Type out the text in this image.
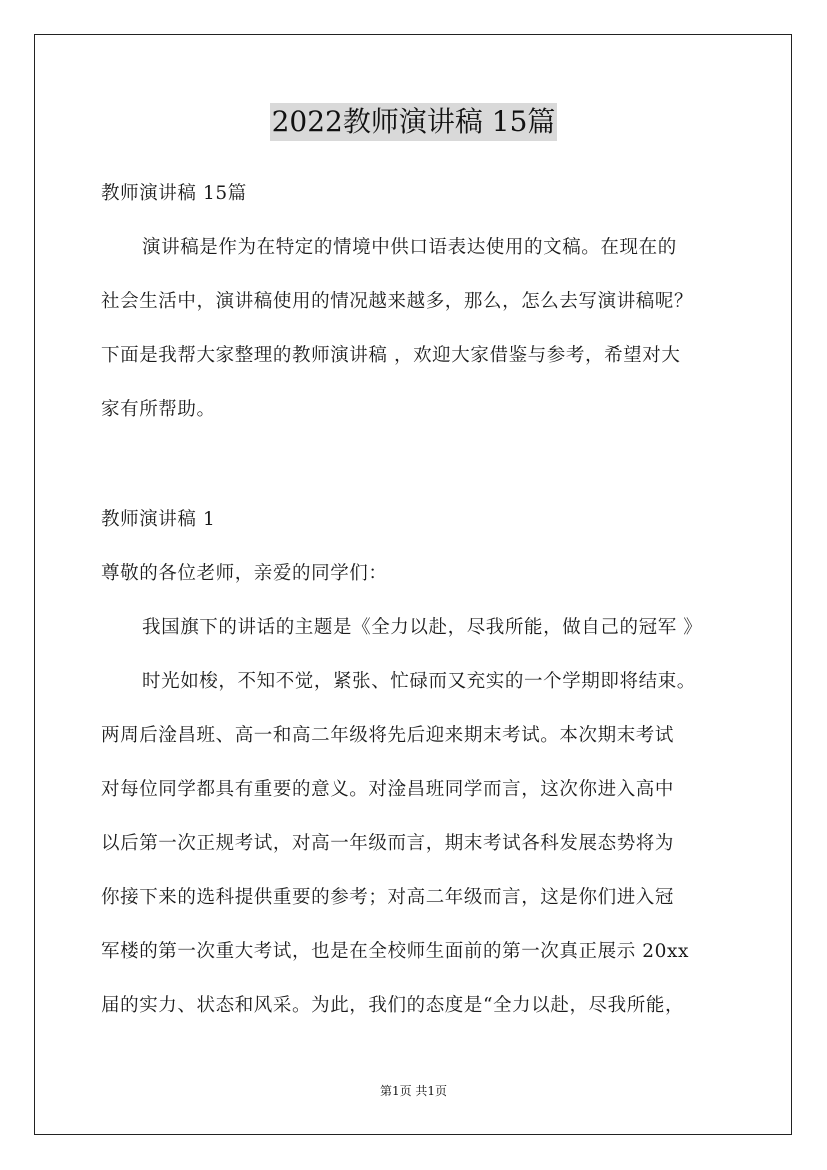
2022教师演讲稿 15篇
教师演讲稿 15篇
演讲稿是作为在特定的情境中供口语表达使用的文稿。在现在的
社会生活中，演讲稿使用的情况越来越多，那么，怎么去写演讲稿呢？
下面是我帮大家整理的教师演讲稿 ，欢迎大家借鉴与参考，希望对大
家有所帮助。
教师演讲稿 1
尊敬的各位老师，亲爱的同学们：
我国旗下的讲话的主题是《全力以赴，尽我所能，做自己的冠军 》
时光如梭，不知不觉，紧张、忙碌而又充实的一个学期即将结束。
两周后淦昌班、高一和高二年级将先后迎来期末考试。本次期末考试
对每位同学都具有重要的意义。对淦昌班同学而言，这次你进入高中
以后第一次正规考试，对高一年级而言，期末考试各科发展态势将为
你接下来的选科提供重要的参考；对高二年级而言，这是你们进入冠
军楼的第一次重大考试，也是在全校师生面前的第一次真正展示 20xx
届的实力、状态和风采。为此，我们的态度是“全力以赴，尽我所能，
第1页 共1页
